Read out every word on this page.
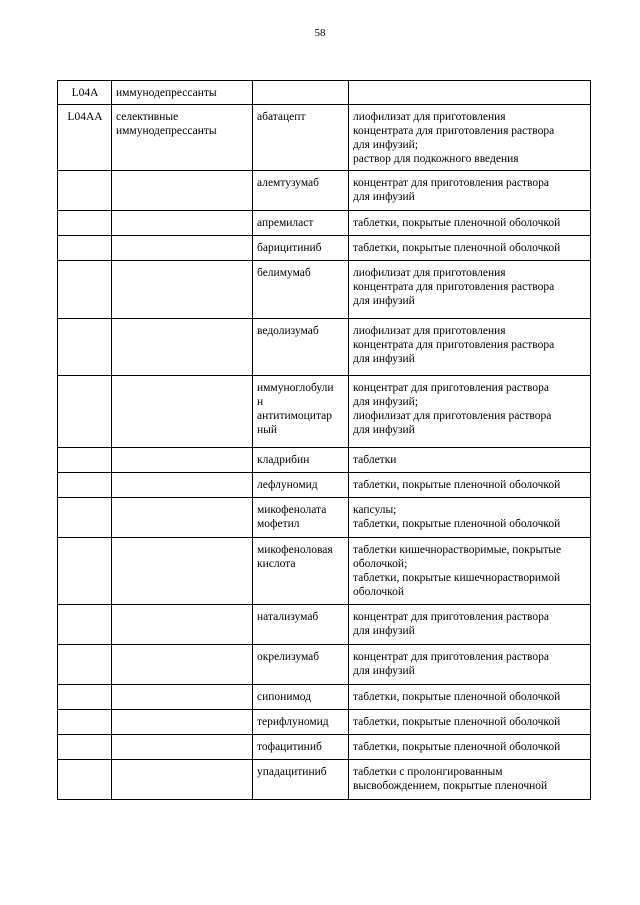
58
L04A	иммунодепрессанты		
L04AA	селективные
иммунодепрессанты	абатацепт	лиофилизат для приготовления
концентрата для приготовления раствора
для инфузий;
раствор для подкожного введения
		алемтузумаб	концентрат для приготовления раствора
для инфузий
		апремиласт	таблетки, покрытые пленочной оболочкой
		барицитиниб	таблетки, покрытые пленочной оболочкой
		белимумаб	лиофилизат для приготовления
концентрата для приготовления раствора
для инфузий
		ведолизумаб	лиофилизат для приготовления
концентрата для приготовления раствора
для инфузий
		иммуноглобули
н
антитимоцитар
ный	концентрат для приготовления раствора
для инфузий;
лиофилизат для приготовления раствора
для инфузий
		кладрибин	таблетки
		лефлуномид	таблетки, покрытые пленочной оболочкой
		микофенолата
мофетил	капсулы;
таблетки, покрытые пленочной оболочкой
		микофеноловая
кислота	таблетки кишечнорастворимые, покрытые
оболочкой;
таблетки, покрытые кишечнорастворимой
оболочкой
		натализумаб	концентрат для приготовления раствора
для инфузий
		окрелизумаб	концентрат для приготовления раствора
для инфузий
		сипонимод	таблетки, покрытые пленочной оболочкой
		терифлуномид	таблетки, покрытые пленочной оболочкой
		тофацитиниб	таблетки, покрытые пленочной оболочкой
		упадацитиниб	таблетки с пролонгированным
высвобождением, покрытые пленочной
